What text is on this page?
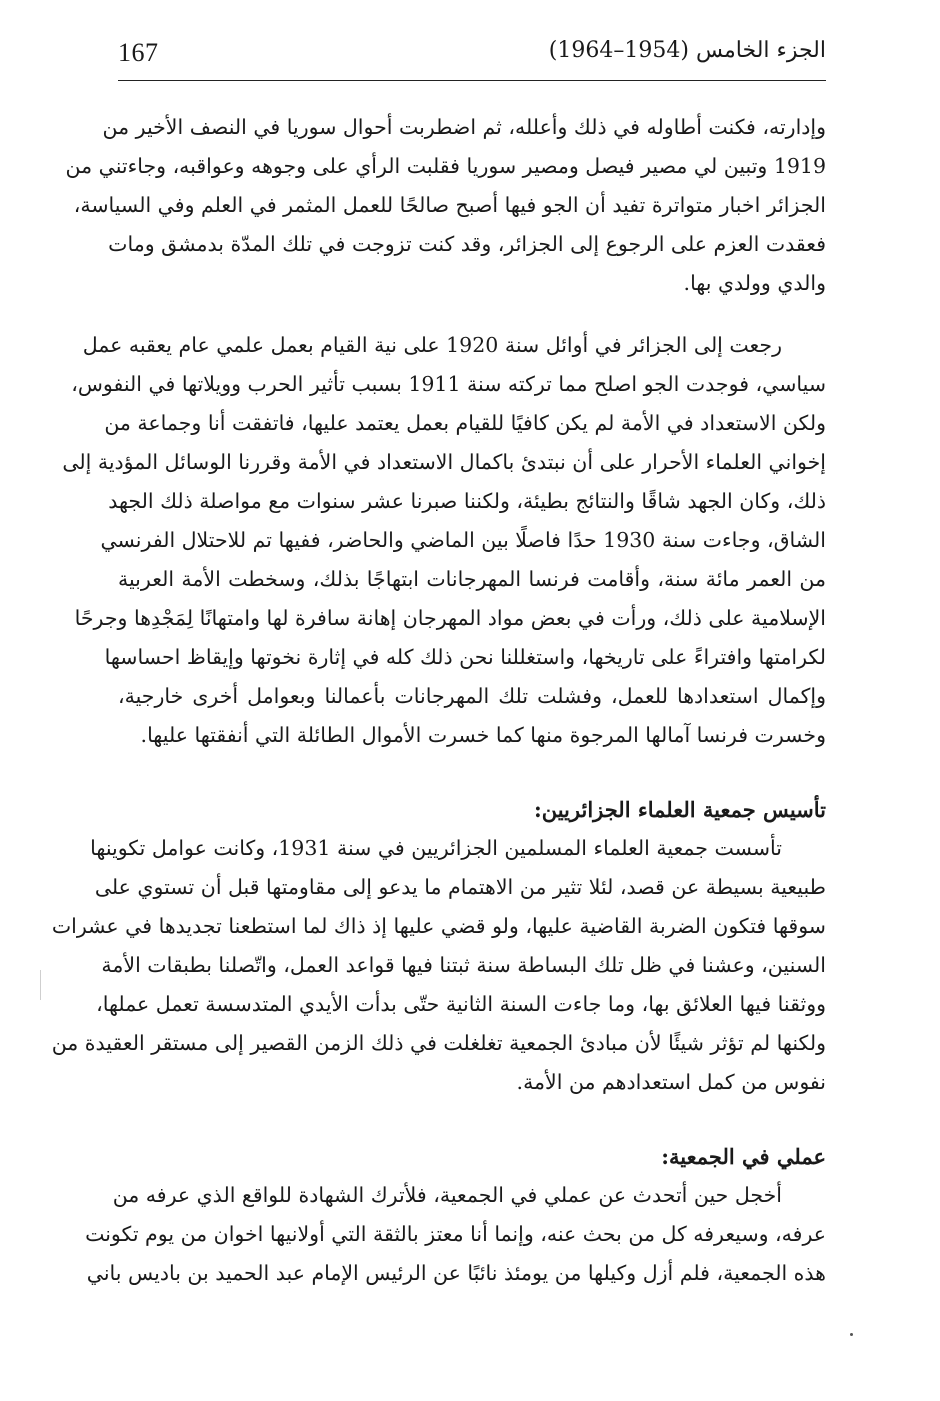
167	الجزء الخامس (1954–1964)
وإدارته، فكنت أطاوله في ذلك وأعلله، ثم اضطربت أحوال سوريا في النصف الأخير من
1919 وتبين لي مصير فيصل ومصير سوريا فقلبت الرأي على وجوهه وعواقبه، وجاءتني من
الجزائر اخبار متواترة تفيد أن الجو فيها أصبح صالحًا للعمل المثمر في العلم وفي السياسة،
فعقدت العزم على الرجوع إلى الجزائر، وقد كنت تزوجت في تلك المدّة بدمشق ومات
والدي وولدي بها.
رجعت إلى الجزائر في أوائل سنة 1920 على نية القيام بعمل علمي عام يعقبه عمل
سياسي، فوجدت الجو اصلح مما تركته سنة 1911 بسبب تأثير الحرب وويلاتها في النفوس،
ولكن الاستعداد في الأمة لم يكن كافيًا للقيام بعمل يعتمد عليها، فاتفقت أنا وجماعة من
إخواني العلماء الأحرار على أن نبتدئ باكمال الاستعداد في الأمة وقررنا الوسائل المؤدية إلى
ذلك، وكان الجهد شاقًا والنتائج بطيئة، ولكننا صبرنا عشر سنوات مع مواصلة ذلك الجهد
الشاق، وجاءت سنة 1930 حدًا فاصلًا بين الماضي والحاضر، ففيها تم للاحتلال الفرنسي
من العمر مائة سنة، وأقامت فرنسا المهرجانات ابتهاجًا بذلك، وسخطت الأمة العربية
الإسلامية على ذلك، ورأت في بعض مواد المهرجان إهانة سافرة لها وامتهانًا لِمَجْدِها وجرحًا
لكرامتها وافتراءً على تاريخها، واستغللنا نحن ذلك كله في إثارة نخوتها وإيقاظ احساسها
وإكمال استعدادها للعمل، وفشلت تلك المهرجانات بأعمالنا وبعوامل أخرى خارجية،
وخسرت فرنسا آمالها المرجوة منها كما خسرت الأموال الطائلة التي أنفقتها عليها.
تأسيس جمعية العلماء الجزائريين:
تأسست جمعية العلماء المسلمين الجزائريين في سنة 1931، وكانت عوامل تكوينها
طبيعية بسيطة عن قصد، لئلا تثير من الاهتمام ما يدعو إلى مقاومتها قبل أن تستوي على
سوقها فتكون الضربة القاضية عليها، ولو قضي عليها إذ ذاك لما استطعنا تجديدها في عشرات
السنين، وعشنا في ظل تلك البساطة سنة ثبتنا فيها قواعد العمل، واتّصلنا بطبقات الأمة
ووثقنا فيها العلائق بها، وما جاءت السنة الثانية حتّى بدأت الأيدي المتدسسة تعمل عملها،
ولكنها لم تؤثر شيئًا لأن مبادئ الجمعية تغلغلت في ذلك الزمن القصير إلى مستقر العقيدة من
نفوس من كمل استعدادهم من الأمة.
عملي في الجمعية:
أخجل حين أتحدث عن عملي في الجمعية، فلأترك الشهادة للواقع الذي عرفه من
عرفه، وسيعرفه كل من بحث عنه، وإنما أنا معتز بالثقة التي أولانيها اخوان من يوم تكونت
هذه الجمعية، فلم أزل وكيلها من يومئذ نائبًا عن الرئيس الإمام عبد الحميد بن باديس باني
